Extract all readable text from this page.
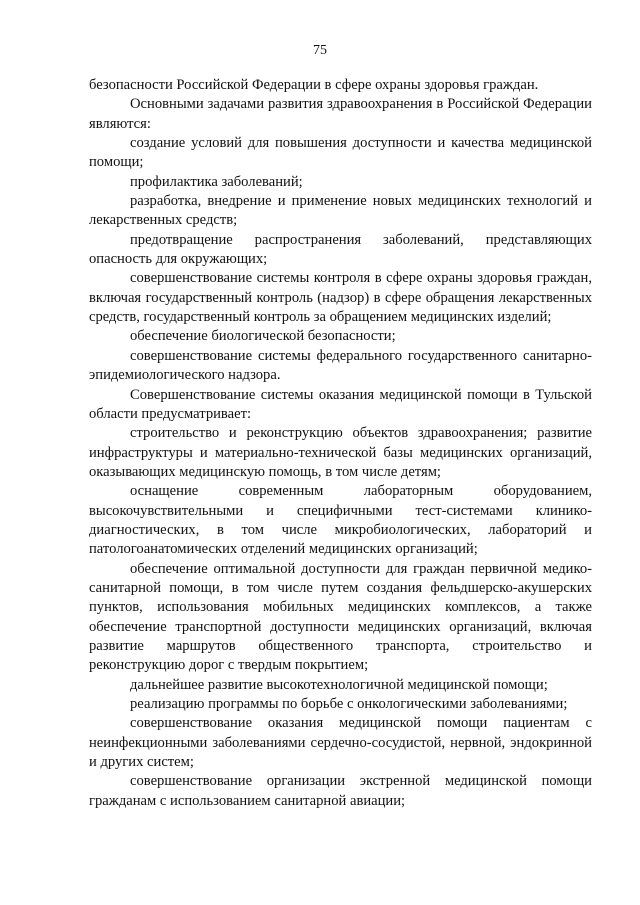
75

безопасности Российской Федерации в сфере охраны здоровья граждан.

Основными задачами развития здравоохранения в Российской Федерации являются:

создание условий для повышения доступности и качества медицинской помощи;

профилактика заболеваний;

разработка, внедрение и применение новых медицинских технологий и лекарственных средств;

предотвращение распространения заболеваний, представляющих опасность для окружающих;

совершенствование системы контроля в сфере охраны здоровья граждан, включая государственный контроль (надзор) в сфере обращения лекарственных средств, государственный контроль за обращением медицинских изделий;

обеспечение биологической безопасности;

совершенствование системы федерального государственного санитарно-эпидемиологического надзора.

Совершенствование системы оказания медицинской помощи в Тульской области предусматривает:

строительство и реконструкцию объектов здравоохранения; развитие инфраструктуры и материально-технической базы медицинских организаций, оказывающих медицинскую помощь, в том числе детям;

оснащение современным лабораторным оборудованием, высокочувствительными и специфичными тест-системами клинико-диагностических, в том числе микробиологических, лабораторий и патологоанатомических отделений медицинских организаций;

обеспечение оптимальной доступности для граждан первичной медико-санитарной помощи, в том числе путем создания фельдшерско-акушерских пунктов, использования мобильных медицинских комплексов, а также обеспечение транспортной доступности медицинских организаций, включая развитие маршрутов общественного транспорта, строительство и реконструкцию дорог с твердым покрытием;

дальнейшее развитие высокотехнологичной медицинской помощи;

реализацию программы по борьбе с онкологическими заболеваниями;

совершенствование оказания медицинской помощи пациентам с неинфекционными заболеваниями сердечно-сосудистой, нервной, эндокринной и других систем;

совершенствование организации экстренной медицинской помощи гражданам с использованием санитарной авиации;
